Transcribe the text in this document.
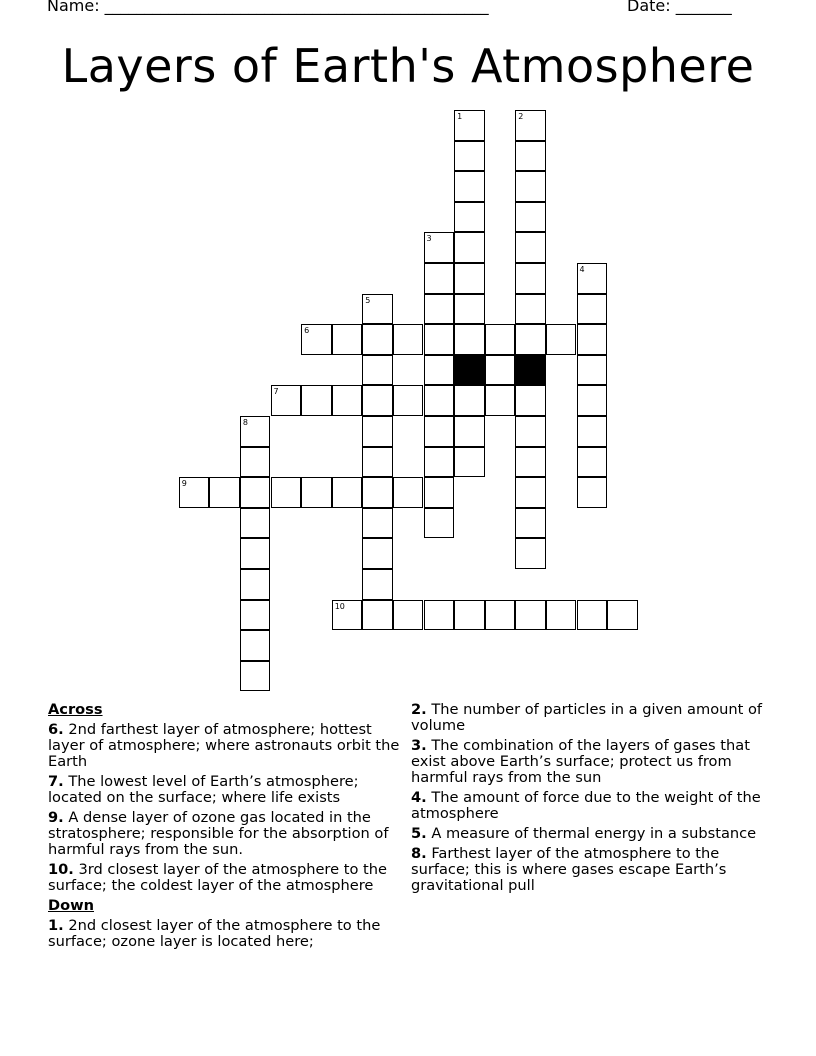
Name: ________________________________________________	Date: _______
Layers of Earth's Atmosphere
1	2
3
4
5
6
7
8
9
10
Across
6. 2nd farthest layer of atmosphere; hottest layer of atmosphere; where astronauts orbit the Earth
7. The lowest level of Earth’s atmosphere; located on the surface; where life exists
9. A dense layer of ozone gas located in the stratosphere; responsible for the absorption of harmful rays from the sun.
10. 3rd closest layer of the atmosphere to the surface; the coldest layer of the atmosphere
Down
1. 2nd closest layer of the atmosphere to the surface; ozone layer is located here;
2. The number of particles in a given amount of volume
3. The combination of the layers of gases that exist above Earth’s surface; protect us from harmful rays from the sun
4. The amount of force due to the weight of the atmosphere
5. A measure of thermal energy in a substance
8. Farthest layer of the atmosphere to the surface; this is where gases escape Earth’s gravitational pull
